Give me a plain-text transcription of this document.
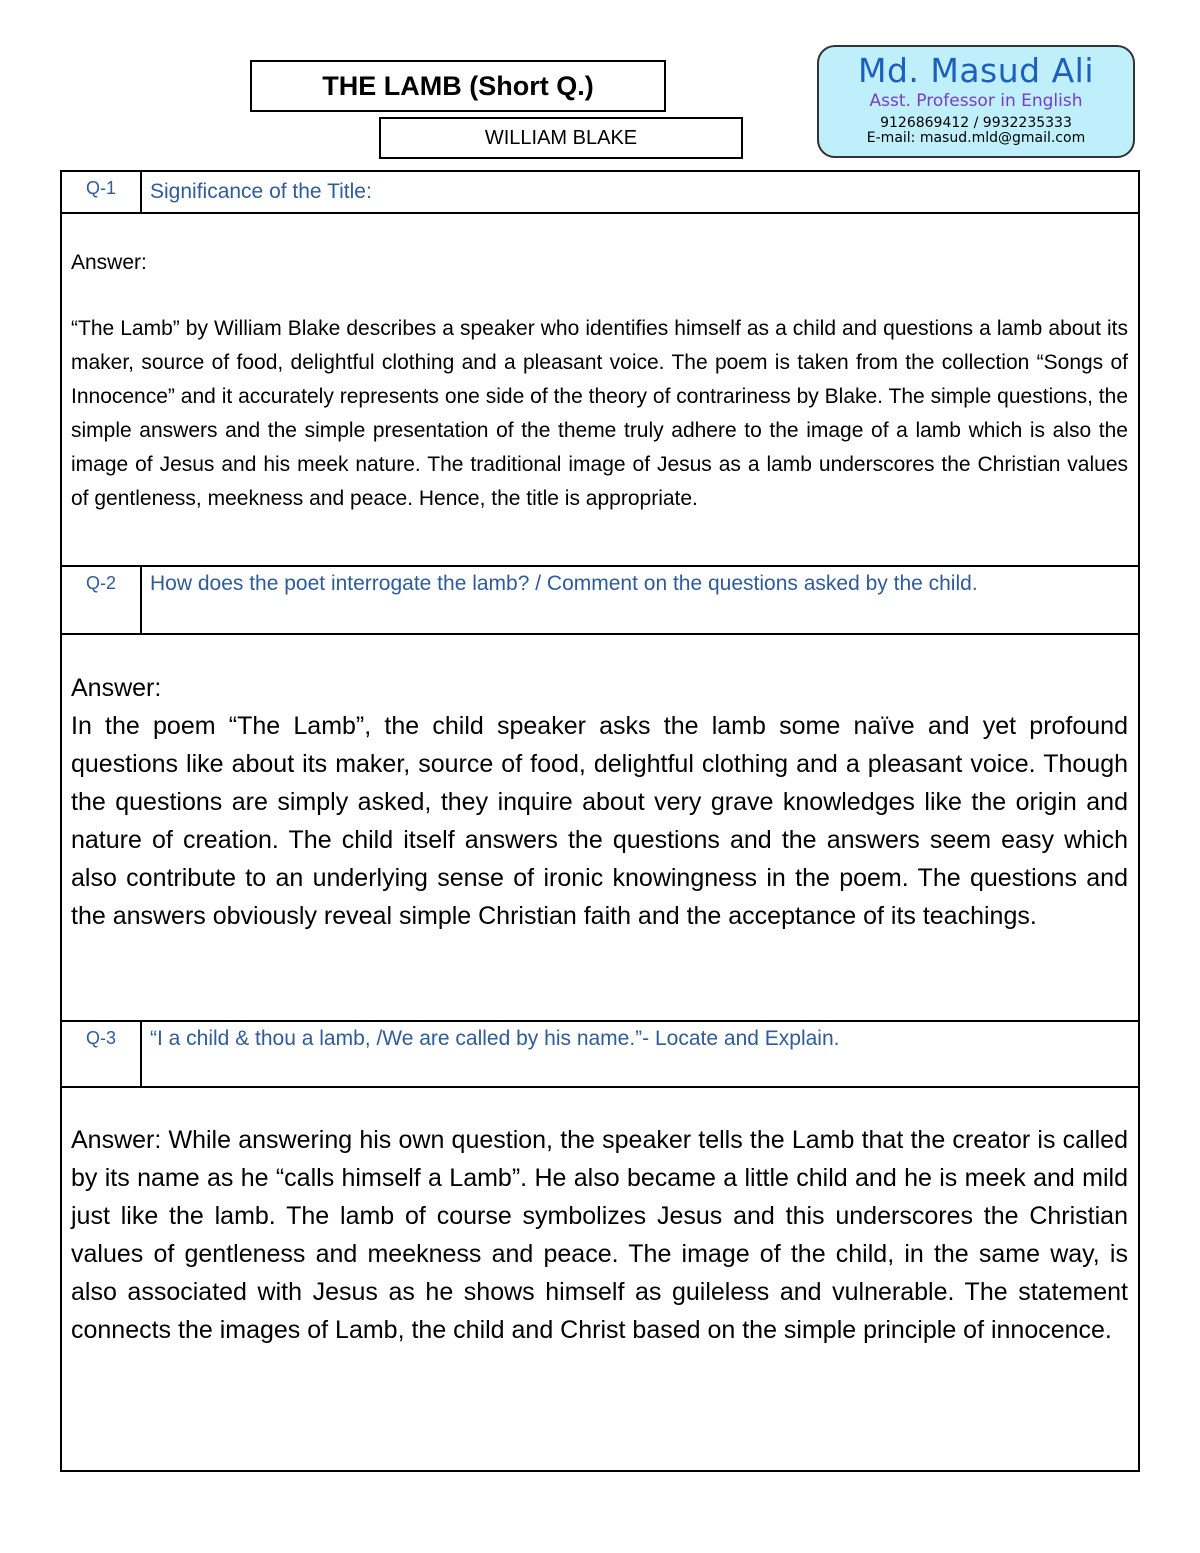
THE LAMB (Short Q.)
WILLIAM BLAKE
Md. Masud Ali
Asst. Professor in English
9126869412 / 9932235333
E-mail: masud.mld@gmail.com
Q-1	Significance of the Title:
Answer:
“The Lamb” by William Blake describes a speaker who identifies himself as a child and questions a lamb about its maker, source of food, delightful clothing and a pleasant voice. The poem is taken from the collection “Songs of Innocence” and it accurately represents one side of the theory of contrariness by Blake. The simple questions, the simple answers and the simple presentation of the theme truly adhere to the image of a lamb which is also the image of Jesus and his meek nature. The traditional image of Jesus as a lamb underscores the Christian values of gentleness, meekness and peace. Hence, the title is appropriate.
Q-2	How does the poet interrogate the lamb? / Comment on the questions asked by the child.
Answer:
In the poem “The Lamb”, the child speaker asks the lamb some naïve and yet profound questions like about its maker, source of food, delightful clothing and a pleasant voice. Though the questions are simply asked, they inquire about very grave knowledges like the origin and nature of creation. The child itself answers the questions and the answers seem easy which also contribute to an underlying sense of ironic knowingness in the poem. The questions and the answers obviously reveal simple Christian faith and the acceptance of its teachings.
Q-3	“I a child & thou a lamb, /We are called by his name.”- Locate and Explain.
Answer: While answering his own question, the speaker tells the Lamb that the creator is called by its name as he “calls himself a Lamb”. He also became a little child and he is meek and mild just like the lamb. The lamb of course symbolizes Jesus and this underscores the Christian values of gentleness and meekness and peace. The image of the child, in the same way, is also associated with Jesus as he shows himself as guileless and vulnerable. The statement connects the images of Lamb, the child and Christ based on the simple principle of innocence.
